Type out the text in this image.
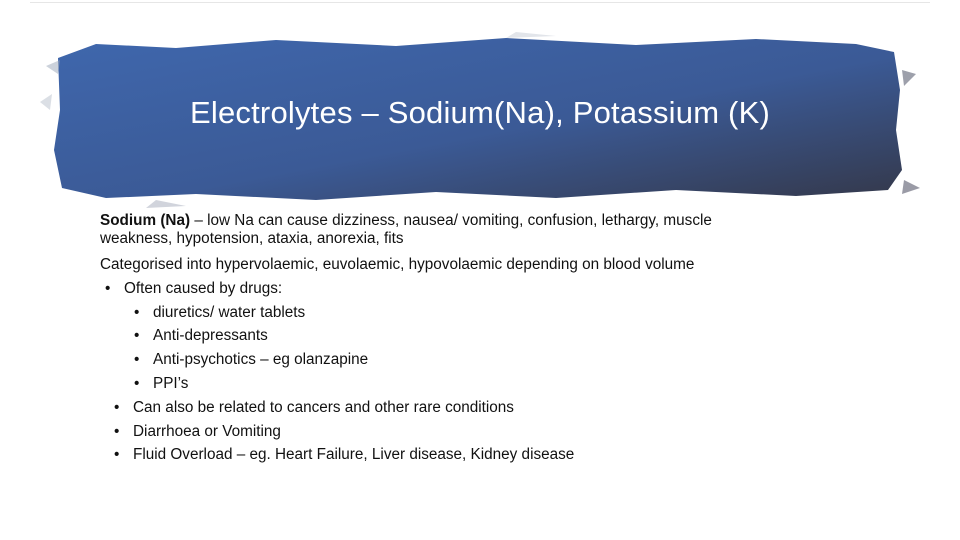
Electrolytes – Sodium(Na), Potassium (K)
Sodium (Na) – low Na can cause dizziness, nausea/ vomiting, confusion, lethargy, muscle
weakness, hypotension, ataxia, anorexia, fits
Categorised into hypervolaemic, euvolaemic, hypovolaemic depending on blood volume
• Often caused by drugs:
• diuretics/ water tablets
• Anti-depressants
• Anti-psychotics – eg olanzapine
• PPI’s
• Can also be related to cancers and other rare conditions
• Diarrhoea or Vomiting
• Fluid Overload – eg. Heart Failure, Liver disease, Kidney disease
